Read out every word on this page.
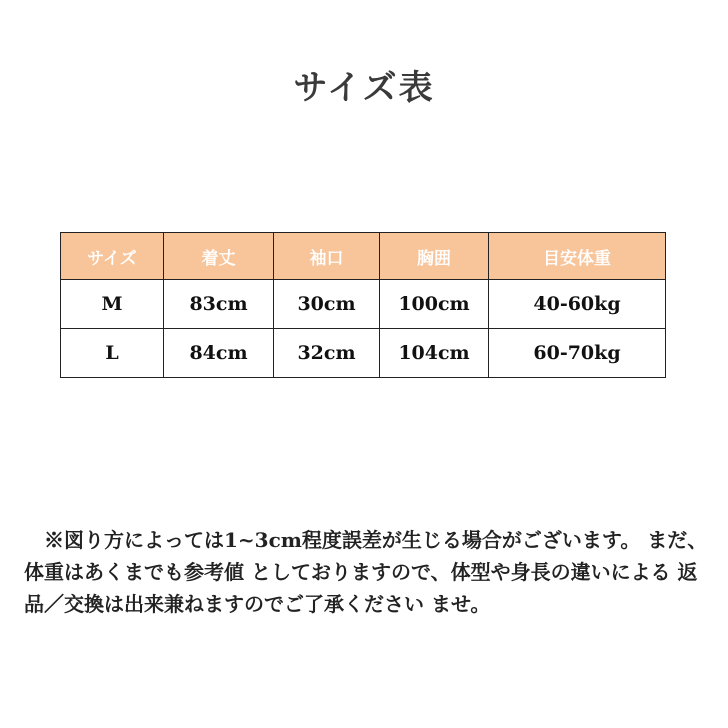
サイズ表
サイズ	着丈	袖口	胸囲	目安体重
M	83cm	30cm	100cm	40-60kg
L	84cm	32cm	104cm	60-70kg
　※図り方によっては1~3cm程度誤差が生じる場合がございます。 まだ、体重はあくまでも参考値 としておりますので、体型や身長の違いによる 返品／交換は出来兼ねますのでご了承ください ませ。
